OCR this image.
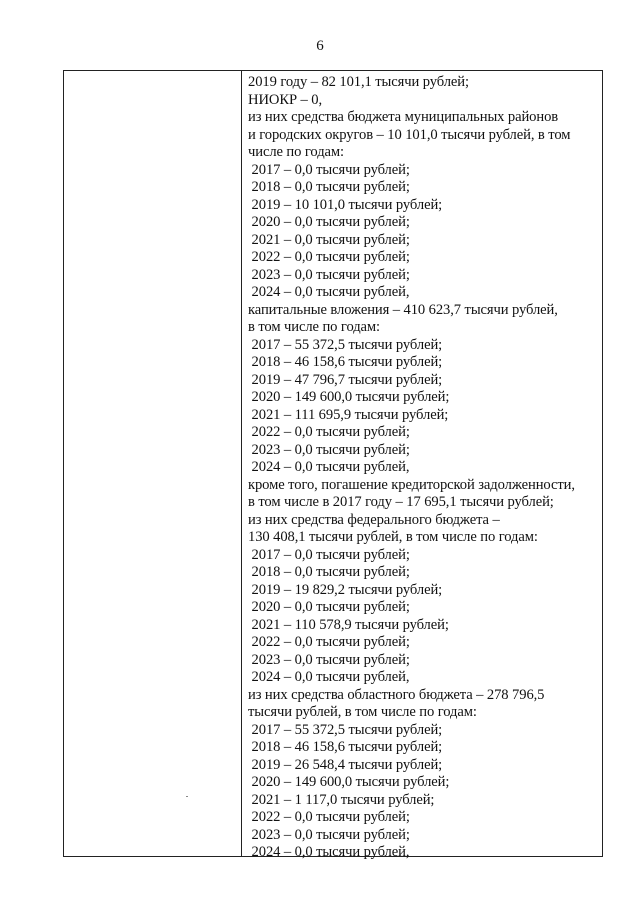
6
2019 году – 82 101,1 тысячи рублей;
НИОКР – 0,
из них средства бюджета муниципальных районов
и городских округов – 10 101,0 тысячи рублей, в том
числе по годам:
2017 – 0,0 тысячи рублей;
2018 – 0,0 тысячи рублей;
2019 – 10 101,0 тысячи рублей;
2020 – 0,0 тысячи рублей;
2021 – 0,0 тысячи рублей;
2022 – 0,0 тысячи рублей;
2023 – 0,0 тысячи рублей;
2024 – 0,0 тысячи рублей,
капитальные вложения – 410 623,7 тысячи рублей,
в том числе по годам:
2017 – 55 372,5 тысячи рублей;
2018 – 46 158,6 тысячи рублей;
2019 – 47 796,7 тысячи рублей;
2020 – 149 600,0 тысячи рублей;
2021 – 111 695,9 тысячи рублей;
2022 – 0,0 тысячи рублей;
2023 – 0,0 тысячи рублей;
2024 – 0,0 тысячи рублей,
кроме того, погашение кредиторской задолженности,
в том числе в 2017 году – 17 695,1 тысячи рублей;
из них средства федерального бюджета –
130 408,1 тысячи рублей, в том числе по годам:
2017 – 0,0 тысячи рублей;
2018 – 0,0 тысячи рублей;
2019 – 19 829,2 тысячи рублей;
2020 – 0,0 тысячи рублей;
2021 – 110 578,9 тысячи рублей;
2022 – 0,0 тысячи рублей;
2023 – 0,0 тысячи рублей;
2024 – 0,0 тысячи рублей,
из них средства областного бюджета – 278 796,5
тысячи рублей, в том числе по годам:
2017 – 55 372,5 тысячи рублей;
2018 – 46 158,6 тысячи рублей;
2019 – 26 548,4 тысячи рублей;
2020 – 149 600,0 тысячи рублей;
2021 – 1 117,0 тысячи рублей;
2022 – 0,0 тысячи рублей;
2023 – 0,0 тысячи рублей;
2024 – 0,0 тысячи рублей,
